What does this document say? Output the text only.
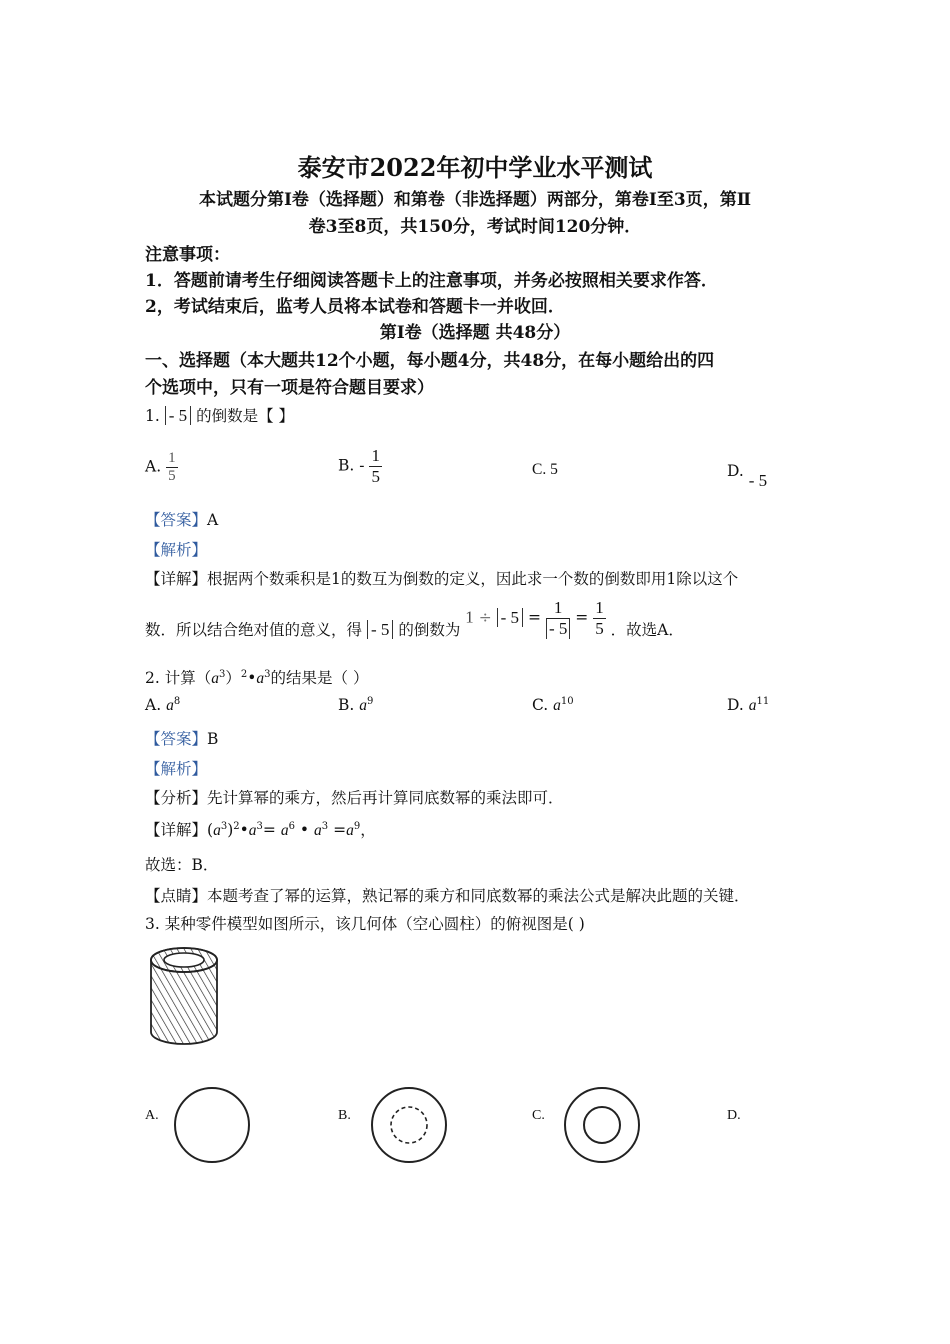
泰安市2022年初中学业水平测试
本试题分第Ⅰ卷（选择题）和第卷（非选择题）两部分，第卷Ⅰ至3页，第Ⅱ
卷3至8页，共150分，考试时间120分钟．
注意事项：
1．答题前请考生仔细阅读答题卡上的注意事项，并务必按照相关要求作答．
2，考试结束后，监考人员将本试卷和答题卡一并收回．
第Ⅰ卷（选择题 共48分）
一、选择题（本大题共12个小题，每小题4分，共48分，在每小题给出的四
个选项中，只有一项是符合题目要求）
1. - 5 的倒数是【 】
A. $\frac{1}{5}$	B. - $\frac{1}{5}$	C. 5	D. - 5
【答案】A
【解析】
【详解】根据两个数乘积是1的数互为倒数的定义，因此求一个数的倒数即用1除以这个
数．所以结合绝对值的意义，得 - 5 的倒数为 1 ÷ - $5 = \frac{1}{- 5} = \frac{1}{5}$ ．故选A．
2. 计算$(a^3)^2•a^3$的结果是（ ）
A. $a^8$	B. $a^9$	C. $a^{10}$	D. $a^{11}$
【答案】B
【解析】
【分析】先计算幂的乘方，然后再计算同底数幂的乘法即可．
【详解】$(a^3)^2•a^3= a^6$ • $a^3 =a^9$，
故选：B．
【点睛】本题考查了幂的运算，熟记幂的乘方和同底数幂的乘法公式是解决此题的关键．
3. 某种零件模型如图所示，该几何体（空心圆柱）的俯视图是( )
A.	B.	C.	D.
